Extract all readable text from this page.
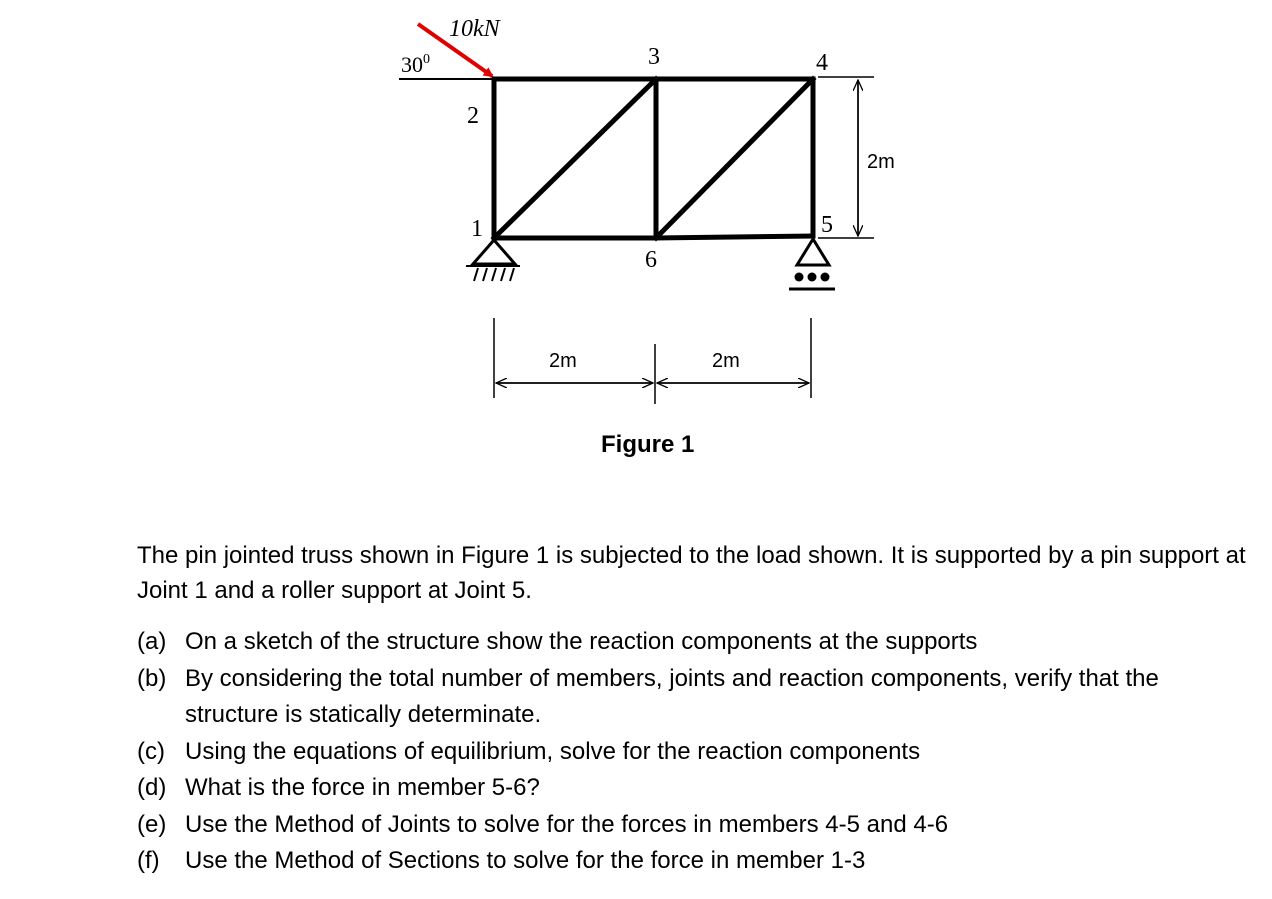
10kN
$30^0$
1
2
3	4
5
6
2m
2m	2m
Figure 1

The pin jointed truss shown in Figure 1 is subjected to the load shown. It is supported by a pin support at Joint 1 and a roller support at Joint 5.

(a) On a sketch of the structure show the reaction components at the supports
(b) By considering the total number of members, joints and reaction components, verify that the structure is statically determinate.
(c) Using the equations of equilibrium, solve for the reaction components
(d) What is the force in member 5-6?
(e) Use the Method of Joints to solve for the forces in members 4-5 and 4-6
(f) Use the Method of Sections to solve for the force in member 1-3
